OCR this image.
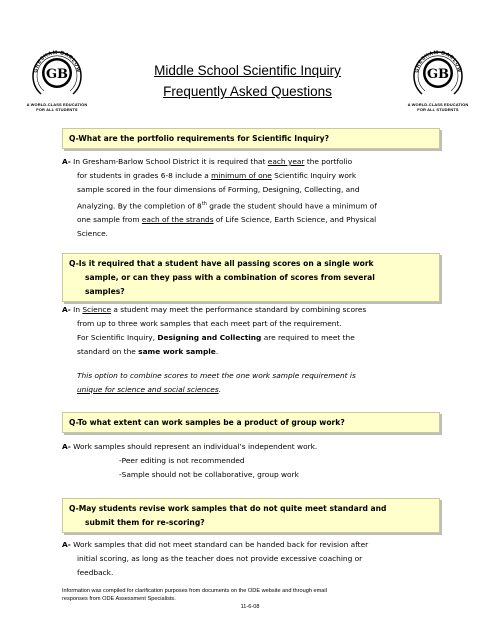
GB
GRESHAM-BARLOW
A WORLD-CLASS EDUCATION
FOR ALL STUDENTS
GB
GRESHAM-BARLOW
A WORLD-CLASS EDUCATION
FOR ALL STUDENTS
Middle School Scientific Inquiry
Frequently Asked Questions
Q-What are the portfolio requirements for Scientific Inquiry?

A- In Gresham-Barlow School District it is required that each year the portfolio

for students in grades 6-8 include a minimum of one Scientific Inquiry work

sample scored in the four dimensions of Forming, Designing, Collecting, and

Analyzing. By the completion of 8th grade the student should have a minimum of

one sample from each of the strands of Life Science, Earth Science, and Physical

Science.

Q-Is it required that a student have all passing scores on a single work
sample, or can they pass with a combination of scores from several
samples?

A- In Science a student may meet the performance standard by combining scores

from up to three work samples that each meet part of the requirement.

For Scientific Inquiry, Designing and Collecting are required to meet the

standard on the same work sample.

This option to combine scores to meet the one work sample requirement is

unique for science and social sciences.

Q-To what extent can work samples be a product of group work?

A- Work samples should represent an individual’s independent work.

-Peer editing is not recommended

-Sample should not be collaborative, group work

Q-May students revise work samples that do not quite meet standard and
submit them for re-scoring?

A- Work samples that did not meet standard can be handed back for revision after

initial scoring, as long as the teacher does not provide excessive coaching or

feedback.

Information was compiled for clarification purposes from documents on the ODE website and through email
responses from ODE Assessment Specialists.
11-6-08
